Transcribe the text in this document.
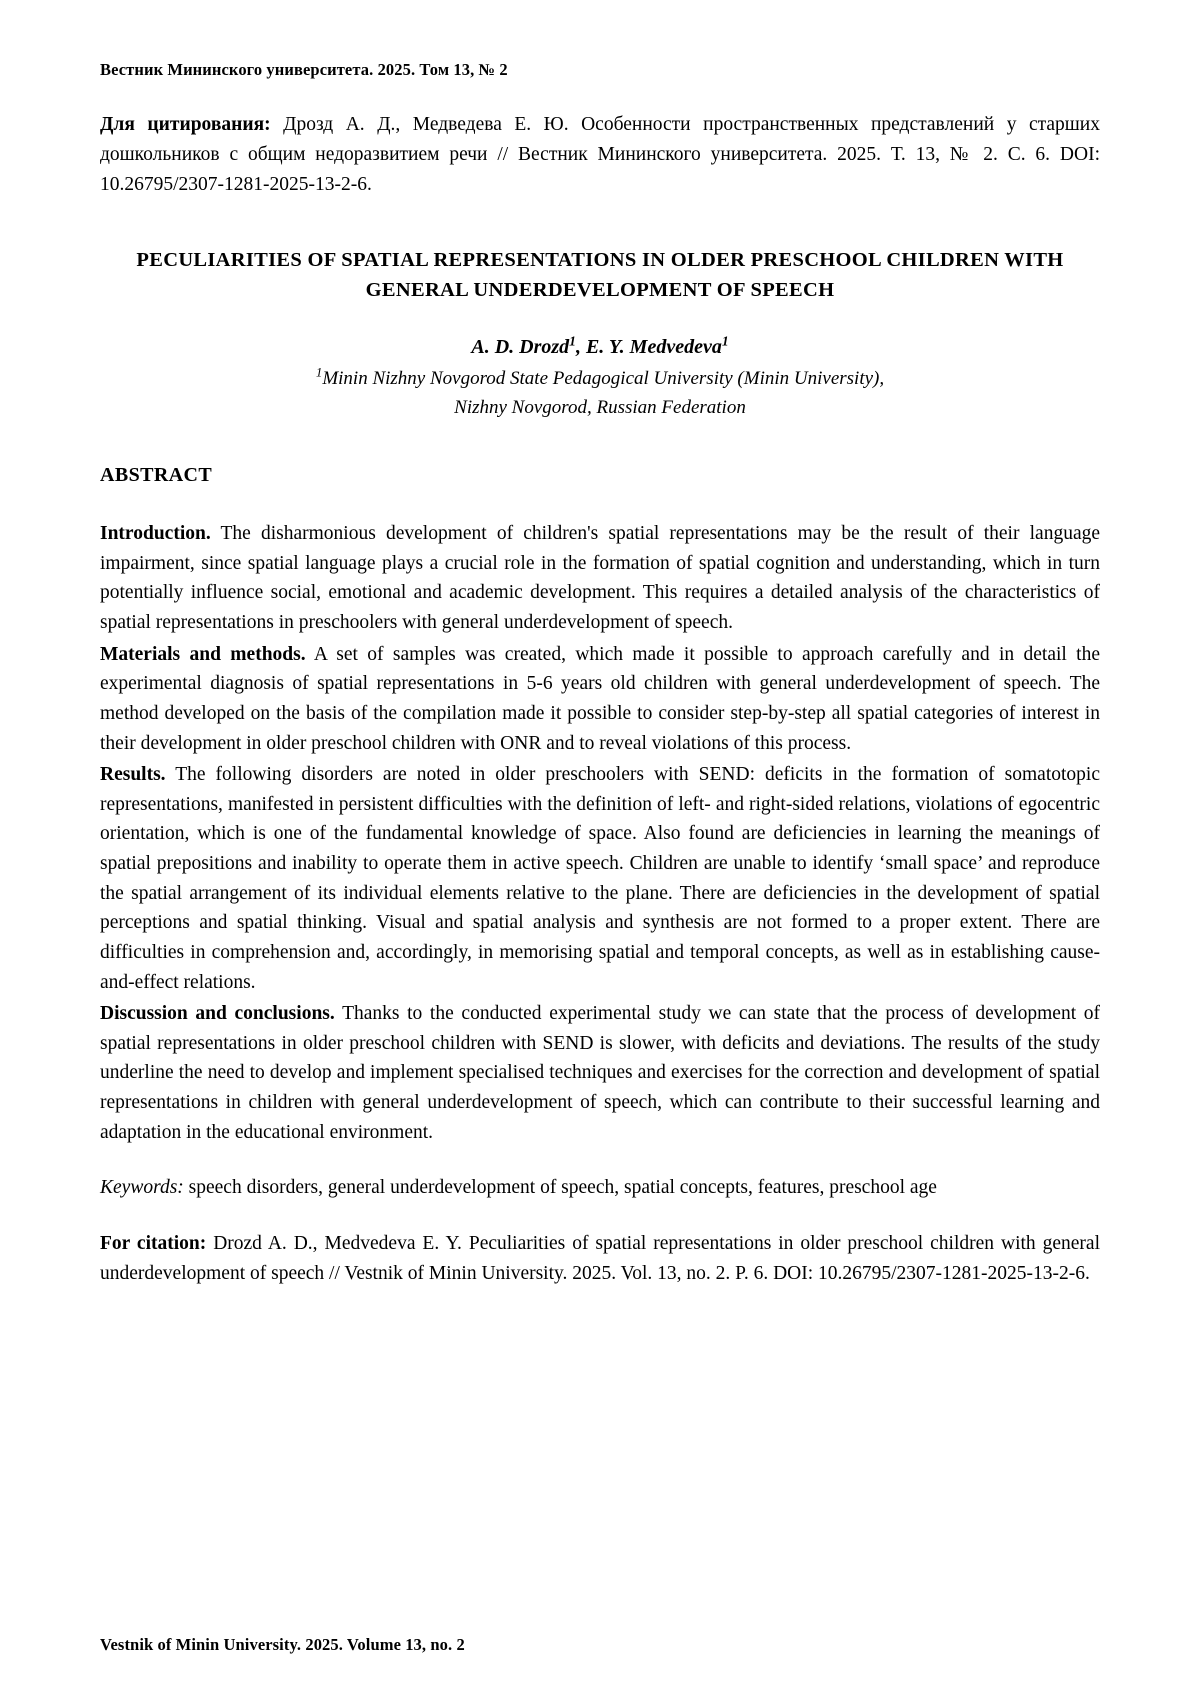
Вестник Мининского университета. 2025. Том 13, № 2
Для цитирования: Дрозд А. Д., Медведева Е. Ю. Особенности пространственных представлений у старших дошкольников с общим недоразвитием речи // Вестник Мининского университета. 2025. Т. 13, № 2. С. 6. DOI: 10.26795/2307-1281-2025-13-2-6.
PECULIARITIES OF SPATIAL REPRESENTATIONS IN OLDER PRESCHOOL CHILDREN WITH GENERAL UNDERDEVELOPMENT OF SPEECH
A. D. Drozd$^1$, E. Y. Medvedeva$^1$
$^1$Minin Nizhny Novgorod State Pedagogical University (Minin University),
Nizhny Novgorod, Russian Federation
ABSTRACT

Introduction. The disharmonious development of children's spatial representations may be the result of their language impairment, since spatial language plays a crucial role in the formation of spatial cognition and understanding, which in turn potentially influence social, emotional and academic development. This requires a detailed analysis of the characteristics of spatial representations in preschoolers with general underdevelopment of speech.

Materials and methods. A set of samples was created, which made it possible to approach carefully and in detail the experimental diagnosis of spatial representations in 5-6 years old children with general underdevelopment of speech. The method developed on the basis of the compilation made it possible to consider step-by-step all spatial categories of interest in their development in older preschool children with ONR and to reveal violations of this process.

Results. The following disorders are noted in older preschoolers with SEND: deficits in the formation of somatotopic representations, manifested in persistent difficulties with the definition of left- and right-sided relations, violations of egocentric orientation, which is one of the fundamental knowledge of space. Also found are deficiencies in learning the meanings of spatial prepositions and inability to operate them in active speech. Children are unable to identify ‘small space’ and reproduce the spatial arrangement of its individual elements relative to the plane. There are deficiencies in the development of spatial perceptions and spatial thinking. Visual and spatial analysis and synthesis are not formed to a proper extent. There are difficulties in comprehension and, accordingly, in memorising spatial and temporal concepts, as well as in establishing cause-and-effect relations.

Discussion and conclusions. Thanks to the conducted experimental study we can state that the process of development of spatial representations in older preschool children with SEND is slower, with deficits and deviations. The results of the study underline the need to develop and implement specialised techniques and exercises for the correction and development of spatial representations in children with general underdevelopment of speech, which can contribute to their successful learning and adaptation in the educational environment.

Keywords: speech disorders, general underdevelopment of speech, spatial concepts, features, preschool age
For citation: Drozd A. D., Medvedeva E. Y. Peculiarities of spatial representations in older preschool children with general underdevelopment of speech // Vestnik of Minin University. 2025. Vol. 13, no. 2. P. 6. DOI: 10.26795/2307-1281-2025-13-2-6.
Vestnik of Minin University. 2025. Volume 13, no. 2
